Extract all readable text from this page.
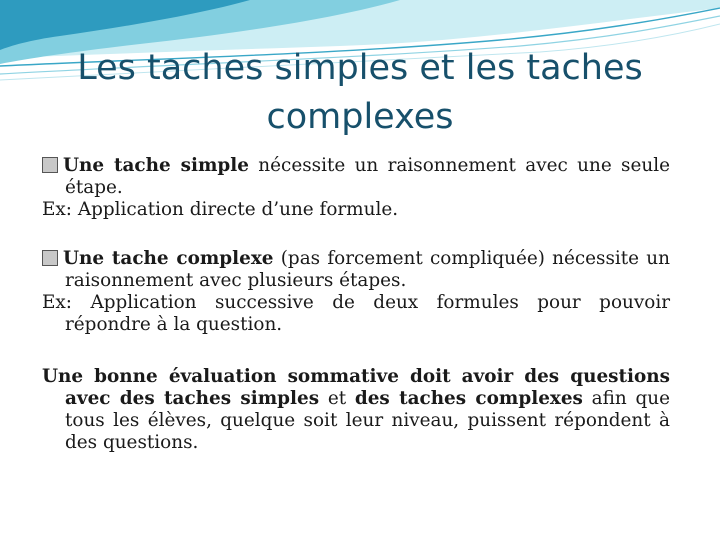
Les taches simples et les taches
complexes

Une tache simple nécessite un raisonnement avec une seule étape.

Ex: Application directe d’une formule.

Une tache complexe (pas forcement compliquée) nécessite un raisonnement avec plusieurs étapes.

Ex: Application successive de deux formules pour pouvoir répondre à la question.

Une bonne évaluation sommative doit avoir des questions avec des taches simples et des taches complexes afin que tous les élèves, quelque soit leur niveau, puissent répondent à des questions.
